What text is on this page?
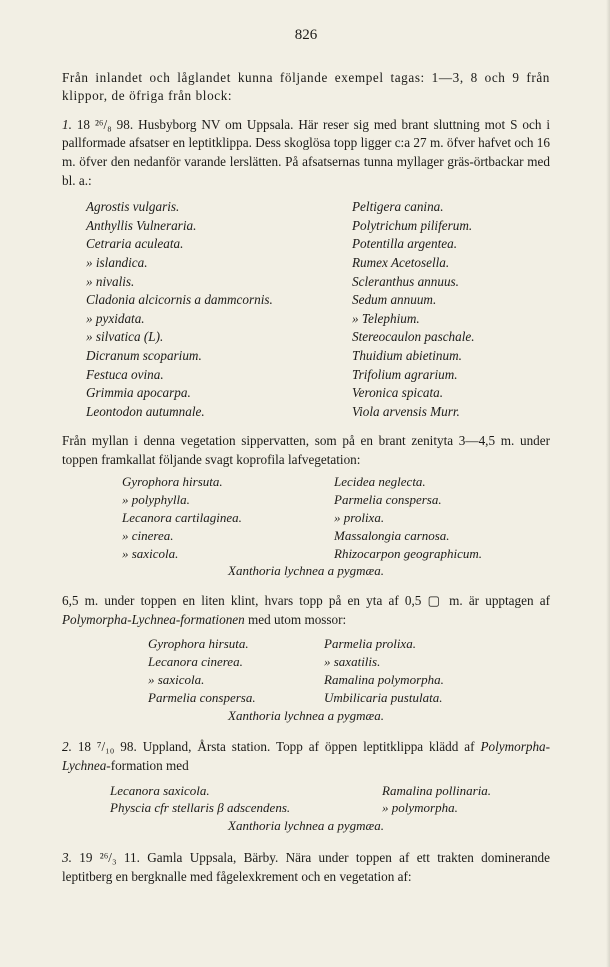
826

Från inlandet och låglandet kunna följande exempel tagas: 1—3, 8 och 9 från klippor, de öfriga från block:

1. 18 ²⁶/₈ 98. Husbyborg NV om Uppsala. Här reser sig med brant sluttning mot S och i pallformade afsatser en leptitklippa. Dess skoglösa topp ligger c:a 27 m. öfver hafvet och 16 m. öfver den nedanför varande lerslätten. På afsatsernas tunna myllager gräs-örtbackar med bl. a.:

Agrostis vulgaris.
Anthyllis Vulneraria.
Cetraria aculeata.
» islandica.
» nivalis.
Cladonia alcicornis a dammcornis.
» pyxidata.
» silvatica (L).
Dicranum scoparium.
Festuca ovina.
Grimmia apocarpa.
Leontodon autumnale.
Peltigera canina.
Polytrichum piliferum.
Potentilla argentea.
Rumex Acetosella.
Scleranthus annuus.
Sedum annuum.
» Telephium.
Stereocaulon paschale.
Thuidium abietinum.
Trifolium agrarium.
Veronica spicata.
Viola arvensis Murr.

Från myllan i denna vegetation sippervatten, som på en brant zenityta 3—4,5 m. under toppen framkallat följande svagt koprofila lafvegetation:

Gyrophora hirsuta.
» polyphylla.
Lecanora cartilaginea.
» cinerea.
» saxicola.
Lecidea neglecta.
Parmelia conspersa.
» prolixa.
Massalongia carnosa.
Rhizocarpon geographicum.
Xanthoria lychnea a pygmæa.

6,5 m. under toppen en liten klint, hvars topp på en yta af 0,5 ▢ m. är upptagen af Polymorpha-Lychnea-formationen med utom mossor:

Gyrophora hirsuta.
Lecanora cinerea.
» saxicola.
Parmelia conspersa.
Parmelia prolixa.
» saxatilis.
Ramalina polymorpha.
Umbilicaria pustulata.
Xanthoria lychnea a pygmæa.

2. 18 ⁷/₁₀ 98. Uppland, Årsta station. Topp af öppen leptitklippa klädd af Polymorpha-Lychnea-formation med

Lecanora saxicola.
Physcia cfr stellaris β adscendens.
Ramalina pollinaria.
» polymorpha.
Xanthoria lychnea a pygmæa.

3. 19 ²⁶/₃ 11. Gamla Uppsala, Bärby. Nära under toppen af ett trakten dominerande leptitberg en bergknalle med fågelexkrement och en vegetation af:
